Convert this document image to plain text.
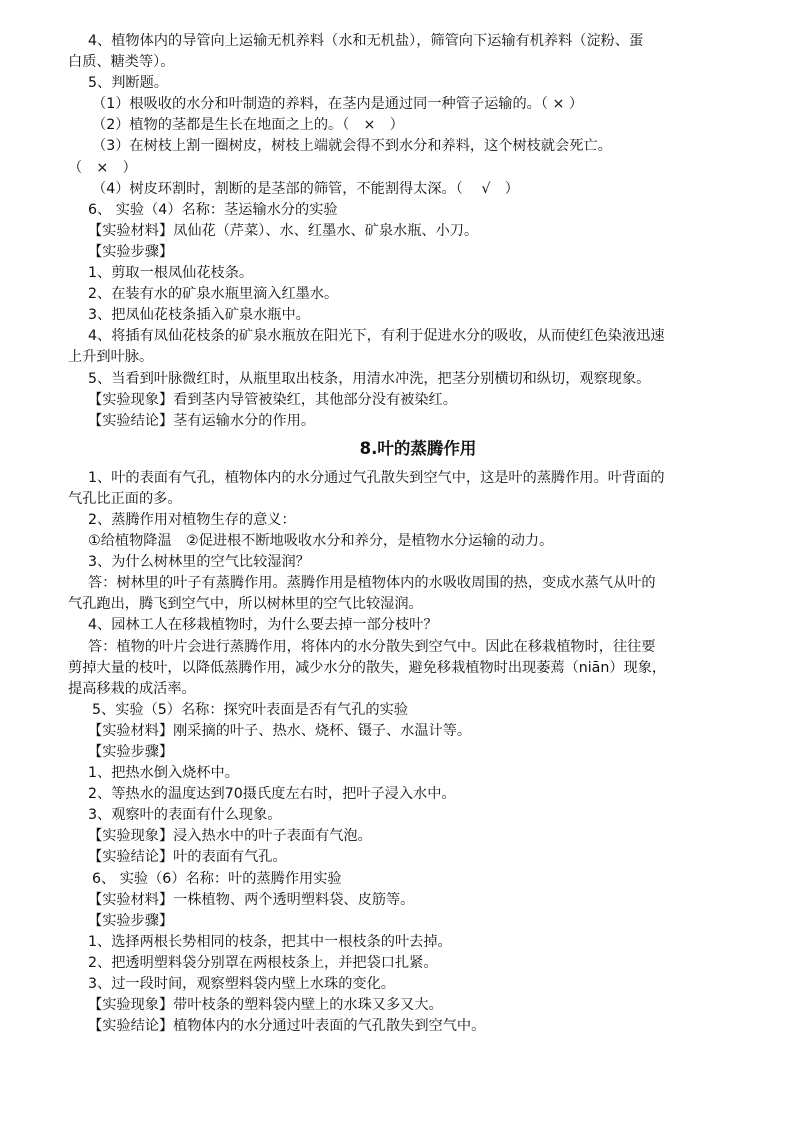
4、植物体内的导管向上运输无机养料（水和无机盐），筛管向下运输有机养料（淀粉、蛋
白质、糖类等）。
5、判断题。
（1）根吸收的水分和叶制造的养料，在茎内是通过同一种管子运输的。（ × ）
（2）植物的茎都是生长在地面之上的。（　×　）
（3）在树枝上割一圈树皮，树枝上端就会得不到水分和养料，这个树枝就会死亡。
（　×　）
（4）树皮环割时，割断的是茎部的筛管，不能割得太深。（　 √　）
6、 实验（4）名称：茎运输水分的实验
【实验材料】凤仙花（芹菜）、水、红墨水、矿泉水瓶、小刀。
【实验步骤】
1、剪取一根凤仙花枝条。
2、在装有水的矿泉水瓶里滴入红墨水。
3、把凤仙花枝条插入矿泉水瓶中。
4、将插有凤仙花枝条的矿泉水瓶放在阳光下，有利于促进水分的吸收，从而使红色染液迅速
上升到叶脉。
5、当看到叶脉微红时，从瓶里取出枝条，用清水冲洗，把茎分别横切和纵切，观察现象。
【实验现象】看到茎内导管被染红，其他部分没有被染红。
【实验结论】茎有运输水分的作用。
8.叶的蒸腾作用
1、叶的表面有气孔，植物体内的水分通过气孔散失到空气中，这是叶的蒸腾作用。叶背面的
气孔比正面的多。
2、蒸腾作用对植物生存的意义：
①给植物降温　②促进根不断地吸收水分和养分，是植物水分运输的动力。
3、为什么树林里的空气比较湿润？
答：树林里的叶子有蒸腾作用。蒸腾作用是植物体内的水吸收周围的热，变成水蒸气从叶的
气孔跑出，腾飞到空气中，所以树林里的空气比较湿润。
4、园林工人在移栽植物时，为什么要去掉一部分枝叶？
答：植物的叶片会进行蒸腾作用，将体内的水分散失到空气中。因此在移栽植物时，往往要
剪掉大量的枝叶，以降低蒸腾作用，减少水分的散失，避免移栽植物时出现萎蔫（niān）现象，
提高移栽的成活率。
5、实验（5）名称：探究叶表面是否有气孔的实验
【实验材料】刚采摘的叶子、热水、烧杯、镊子、水温计等。
【实验步骤】
1、把热水倒入烧杯中。
2、等热水的温度达到70摄氏度左右时，把叶子浸入水中。
3、观察叶的表面有什么现象。
【实验现象】浸入热水中的叶子表面有气泡。
【实验结论】叶的表面有气孔。
6、 实验（6）名称：叶的蒸腾作用实验
【实验材料】一株植物、两个透明塑料袋、皮筋等。
【实验步骤】
1、选择两根长势相同的枝条，把其中一根枝条的叶去掉。
2、把透明塑料袋分别罩在两根枝条上，并把袋口扎紧。
3、过一段时间，观察塑料袋内壁上水珠的变化。
【实验现象】带叶枝条的塑料袋内壁上的水珠又多又大。
【实验结论】植物体内的水分通过叶表面的气孔散失到空气中。
